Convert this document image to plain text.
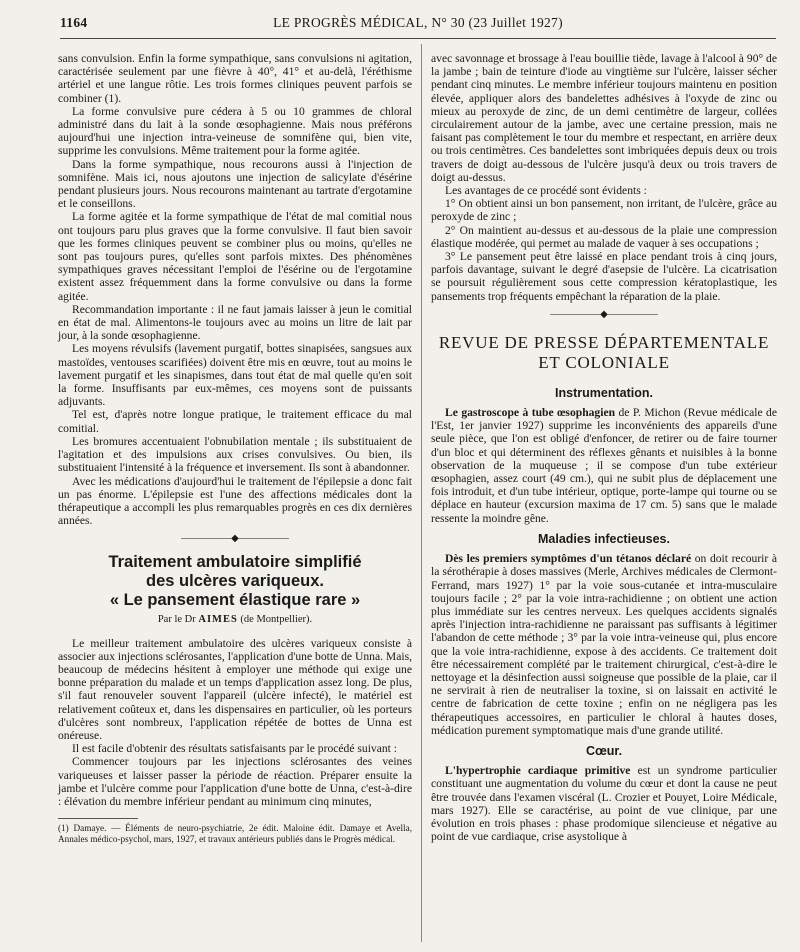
1164	LE PROGRÈS MÉDICAL, N° 30 (23 Juillet 1927)

sans convulsion. Enfin la forme sympathique, sans convulsions ni agitation, caractérisée seulement par une fièvre à 40°, 41° et au-delà, l'éréthisme artériel et une langue rôtie. Les trois formes cliniques peuvent parfois se combiner (1).

La forme convulsive pure cédera à 5 ou 10 grammes de chloral administré dans du lait à la sonde œsophagienne. Mais nous préférons aujourd'hui une injection intra-veineuse de somnifène qui, bien vite, supprime les convulsions. Même traitement pour la forme agitée.

Dans la forme sympathique, nous recourons aussi à l'injection de somnifène. Mais ici, nous ajoutons une injection de salicylate d'ésérine pendant plusieurs jours. Nous recourons maintenant au tartrate d'ergotamine et le conseillons.

La forme agitée et la forme sympathique de l'état de mal comitial nous ont toujours paru plus graves que la forme convulsive. Il faut bien savoir que les formes cliniques peuvent se combiner plus ou moins, qu'elles ne sont pas toujours pures, qu'elles sont parfois mixtes. Des phénomènes sympathiques graves nécessitant l'emploi de l'ésérine ou de l'ergotamine existent assez fréquemment dans la forme convulsive ou dans la forme agitée.

Recommandation importante : il ne faut jamais laisser à jeun le comitial en état de mal. Alimentons-le toujours avec au moins un litre de lait par jour, à la sonde œsophagienne.

Les moyens révulsifs (lavement purgatif, bottes sinapisées, sangsues aux mastoïdes, ventouses scarifiées) doivent être mis en œuvre, tout au moins le lavement purgatif et les sinapismes, dans tout état de mal quelle qu'en soit la forme. Insuffisants par eux-mêmes, ces moyens sont de puissants adjuvants.

Tel est, d'après notre longue pratique, le traitement efficace du mal comitial.

Les bromures accentuaient l'obnubilation mentale ; ils substituaient de l'agitation et des impulsions aux crises convulsives. Ou bien, ils substituaient l'intensité à la fréquence et inversement. Ils sont à abandonner.

Avec les médications d'aujourd'hui le traitement de l'épilepsie a donc fait un pas énorme. L'épilepsie est l'une des affections médicales dont la thérapeutique a accompli les plus remarquables progrès en ces dix dernières années.

—————◆—————
Traitement ambulatoire simplifié
des ulcères variqueux.
« Le pansement élastique rare »
Par le Dr AIMES (de Montpellier).

Le meilleur traitement ambulatoire des ulcères variqueux consiste à associer aux injections sclérosantes, l'application d'une botte de Unna. Mais, beaucoup de médecins hésitent à employer une méthode qui exige une bonne préparation du malade et un temps d'application assez long. De plus, s'il faut renouveler souvent l'appareil (ulcère infecté), le matériel est relativement coûteux et, dans les dispensaires en particulier, où les porteurs d'ulcères sont nombreux, l'application répétée de bottes de Unna est onéreuse.

Il est facile d'obtenir des résultats satisfaisants par le procédé suivant :

Commencer toujours par les injections sclérosantes des veines variqueuses et laisser passer la période de réaction. Préparer ensuite la jambe et l'ulcère comme pour l'application d'une botte de Unna, c'est-à-dire : élévation du membre inférieur pendant au minimum cinq minutes,

(1) Damaye. — Éléments de neuro-psychiatrie, 2e édit. Maloine édit. Damaye et Avella, Annales médico-psychol, mars, 1927, et travaux antérieurs publiés dans le Progrès médical.

avec savonnage et brossage à l'eau bouillie tiède, lavage à l'alcool à 90° de la jambe ; bain de teinture d'iode au vingtième sur l'ulcère, laisser sécher pendant cinq minutes. Le membre inférieur toujours maintenu en position élevée, appliquer alors des bandelettes adhésives à l'oxyde de zinc ou mieux au peroxyde de zinc, de un demi centimètre de largeur, collées circulairement autour de la jambe, avec une certaine pression, mais ne faisant pas complètement le tour du membre et respectant, en arrière deux ou trois centimètres. Ces bandelettes sont imbriquées depuis deux ou trois travers de doigt au-dessous de l'ulcère jusqu'à deux ou trois travers de doigt au-dessus.

Les avantages de ce procédé sont évidents :

1° On obtient ainsi un bon pansement, non irritant, de l'ulcère, grâce au peroxyde de zinc ;

2° On maintient au-dessus et au-dessous de la plaie une compression élastique modérée, qui permet au malade de vaquer à ses occupations ;

3° Le pansement peut être laissé en place pendant trois à cinq jours, parfois davantage, suivant le degré d'asepsie de l'ulcère. La cicatrisation se poursuit régulièrement sous cette compression kératoplastique, les pansements trop fréquents empêchant la réparation de la plaie.

—————◆—————
REVUE DE PRESSE DÉPARTEMENTALE
ET COLONIALE
Instrumentation.

Le gastroscope à tube œsophagien de P. Michon (Revue médicale de l'Est, 1er janvier 1927) supprime les inconvénients des appareils d'une seule pièce, que l'on est obligé d'enfoncer, de retirer ou de faire tourner d'un bloc et qui déterminent des réflexes gênants et nuisibles à la bonne observation de la muqueuse ; il se compose d'un tube extérieur œsophagien, assez court (49 cm.), qui ne subit plus de déplacement une fois introduit, et d'un tube intérieur, optique, porte-lampe qui tourne ou se déplace en hauteur (excursion maxima de 17 cm. 5) sans que le malade ressente la moindre gêne.

Maladies infectieuses.

Dès les premiers symptômes d'un tétanos déclaré on doit recourir à la sérothérapie à doses massives (Merle, Archives médicales de Clermont-Ferrand, mars 1927) 1° par la voie sous-cutanée et intra-musculaire toujours facile ; 2° par la voie intra-rachidienne ; on obtient une action plus immédiate sur les centres nerveux. Les quelques accidents signalés après l'injection intra-rachidienne ne paraissant pas suffisants à légitimer l'abandon de cette méthode ; 3° par la voie intra-veineuse qui, plus encore que la voie intra-rachidienne, expose à des accidents. Ce traitement doit être nécessairement complété par le traitement chirurgical, c'est-à-dire le nettoyage et la désinfection aussi soigneuse que possible de la plaie, car il ne servirait à rien de neutraliser la toxine, si on laissait en activité le centre de fabrication de cette toxine ; enfin on ne négligera pas les thérapeutiques accessoires, en particulier le chloral à hautes doses, médication purement symptomatique mais d'une grande utilité.

Cœur.

L'hypertrophie cardiaque primitive est un syndrome particulier constituant une augmentation du volume du cœur et dont la cause ne peut être trouvée dans l'examen viscéral (L. Crozier et Pouyet, Loire Médicale, mars 1927). Elle se caractérise, au point de vue clinique, par une évolution en trois phases : phase prodomique silencieuse et négative au point de vue cardiaque, crise asystolique à
